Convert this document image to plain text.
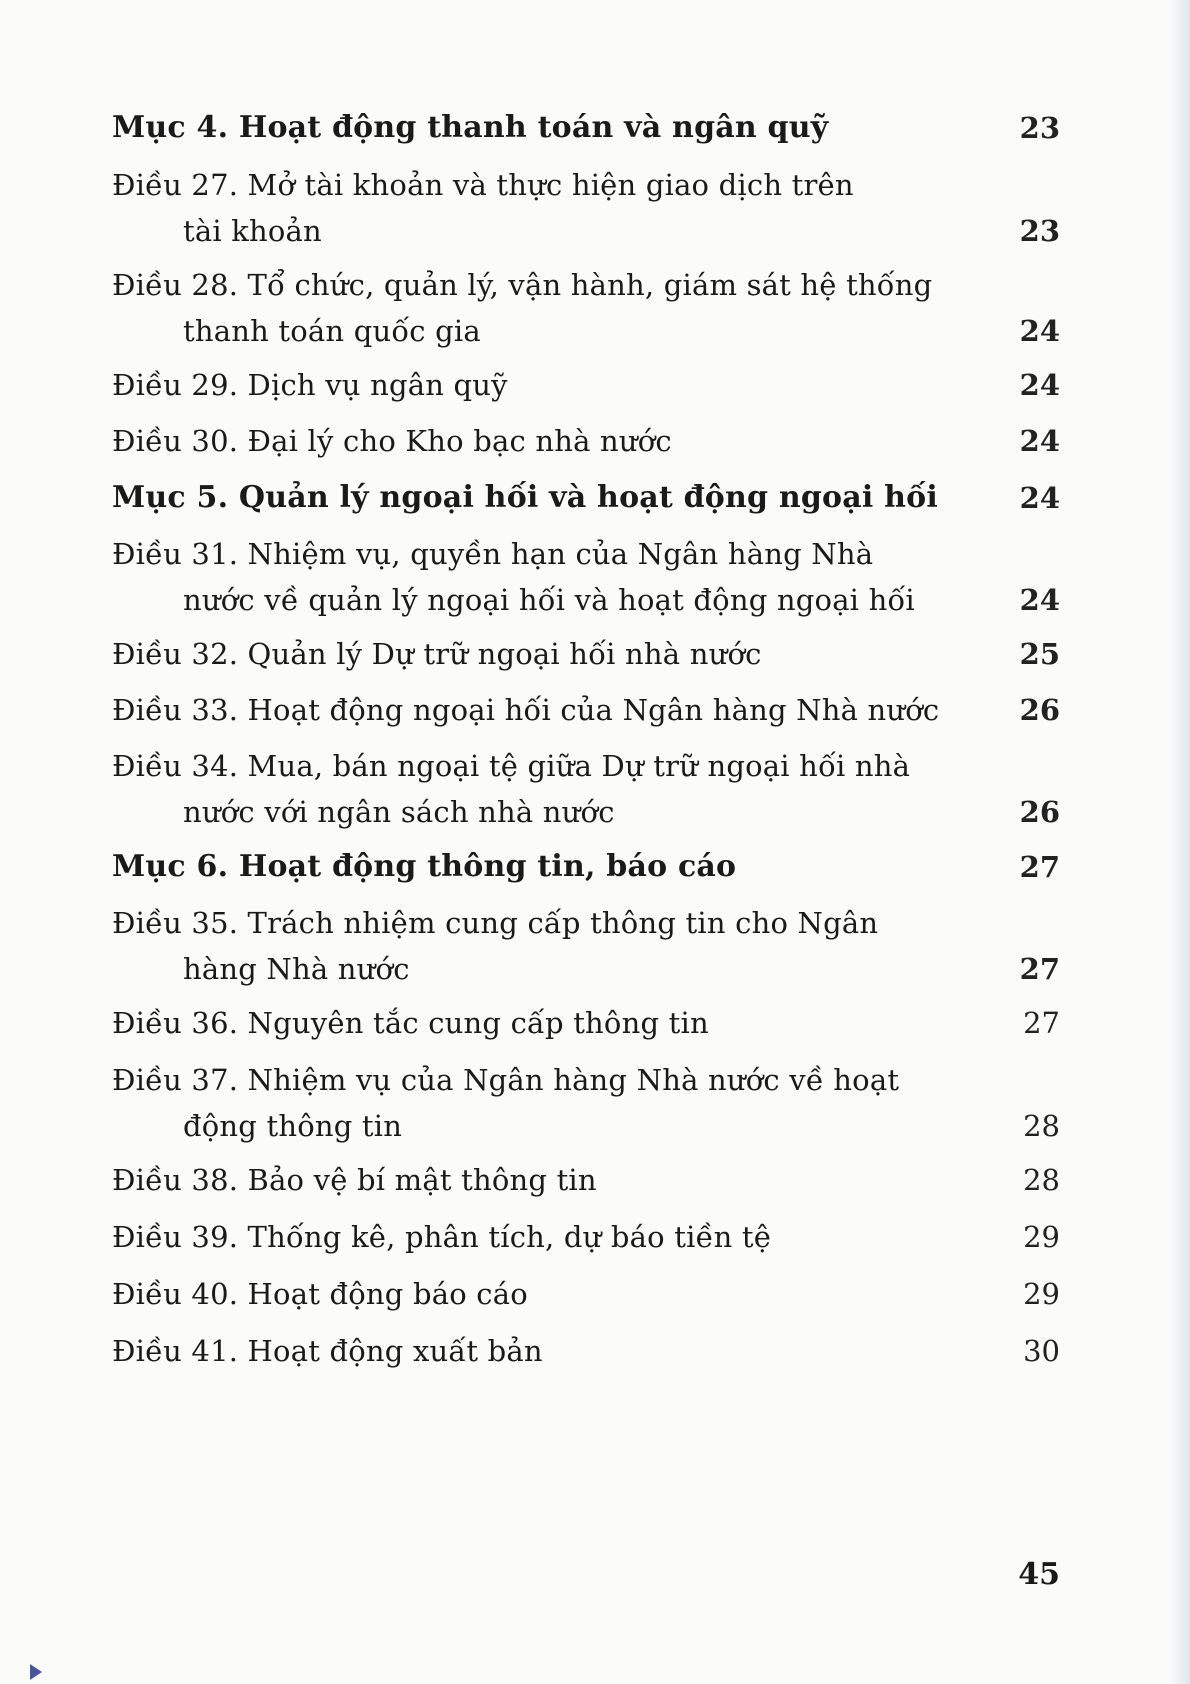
Mục 4. Hoạt động thanh toán và ngân quỹ	23
Điều 27. Mở tài khoản và thực hiện giao dịch trên
tài khoản	23
Điều 28. Tổ chức, quản lý, vận hành, giám sát hệ thống
thanh toán quốc gia	24
Điều 29. Dịch vụ ngân quỹ	24
Điều 30. Đại lý cho Kho bạc nhà nước	24
Mục 5. Quản lý ngoại hối và hoạt động ngoại hối	24
Điều 31. Nhiệm vụ, quyền hạn của Ngân hàng Nhà
nước về quản lý ngoại hối và hoạt động ngoại hối	24
Điều 32. Quản lý Dự trữ ngoại hối nhà nước	25
Điều 33. Hoạt động ngoại hối của Ngân hàng Nhà nước	26
Điều 34. Mua, bán ngoại tệ giữa Dự trữ ngoại hối nhà
nước với ngân sách nhà nước	26
Mục 6. Hoạt động thông tin, báo cáo	27
Điều 35. Trách nhiệm cung cấp thông tin cho Ngân
hàng Nhà nước	27
Điều 36. Nguyên tắc cung cấp thông tin	27
Điều 37. Nhiệm vụ của Ngân hàng Nhà nước về hoạt
động thông tin	28
Điều 38. Bảo vệ bí mật thông tin	28
Điều 39. Thống kê, phân tích, dự báo tiền tệ	29
Điều 40. Hoạt động báo cáo	29
Điều 41. Hoạt động xuất bản	30
45
